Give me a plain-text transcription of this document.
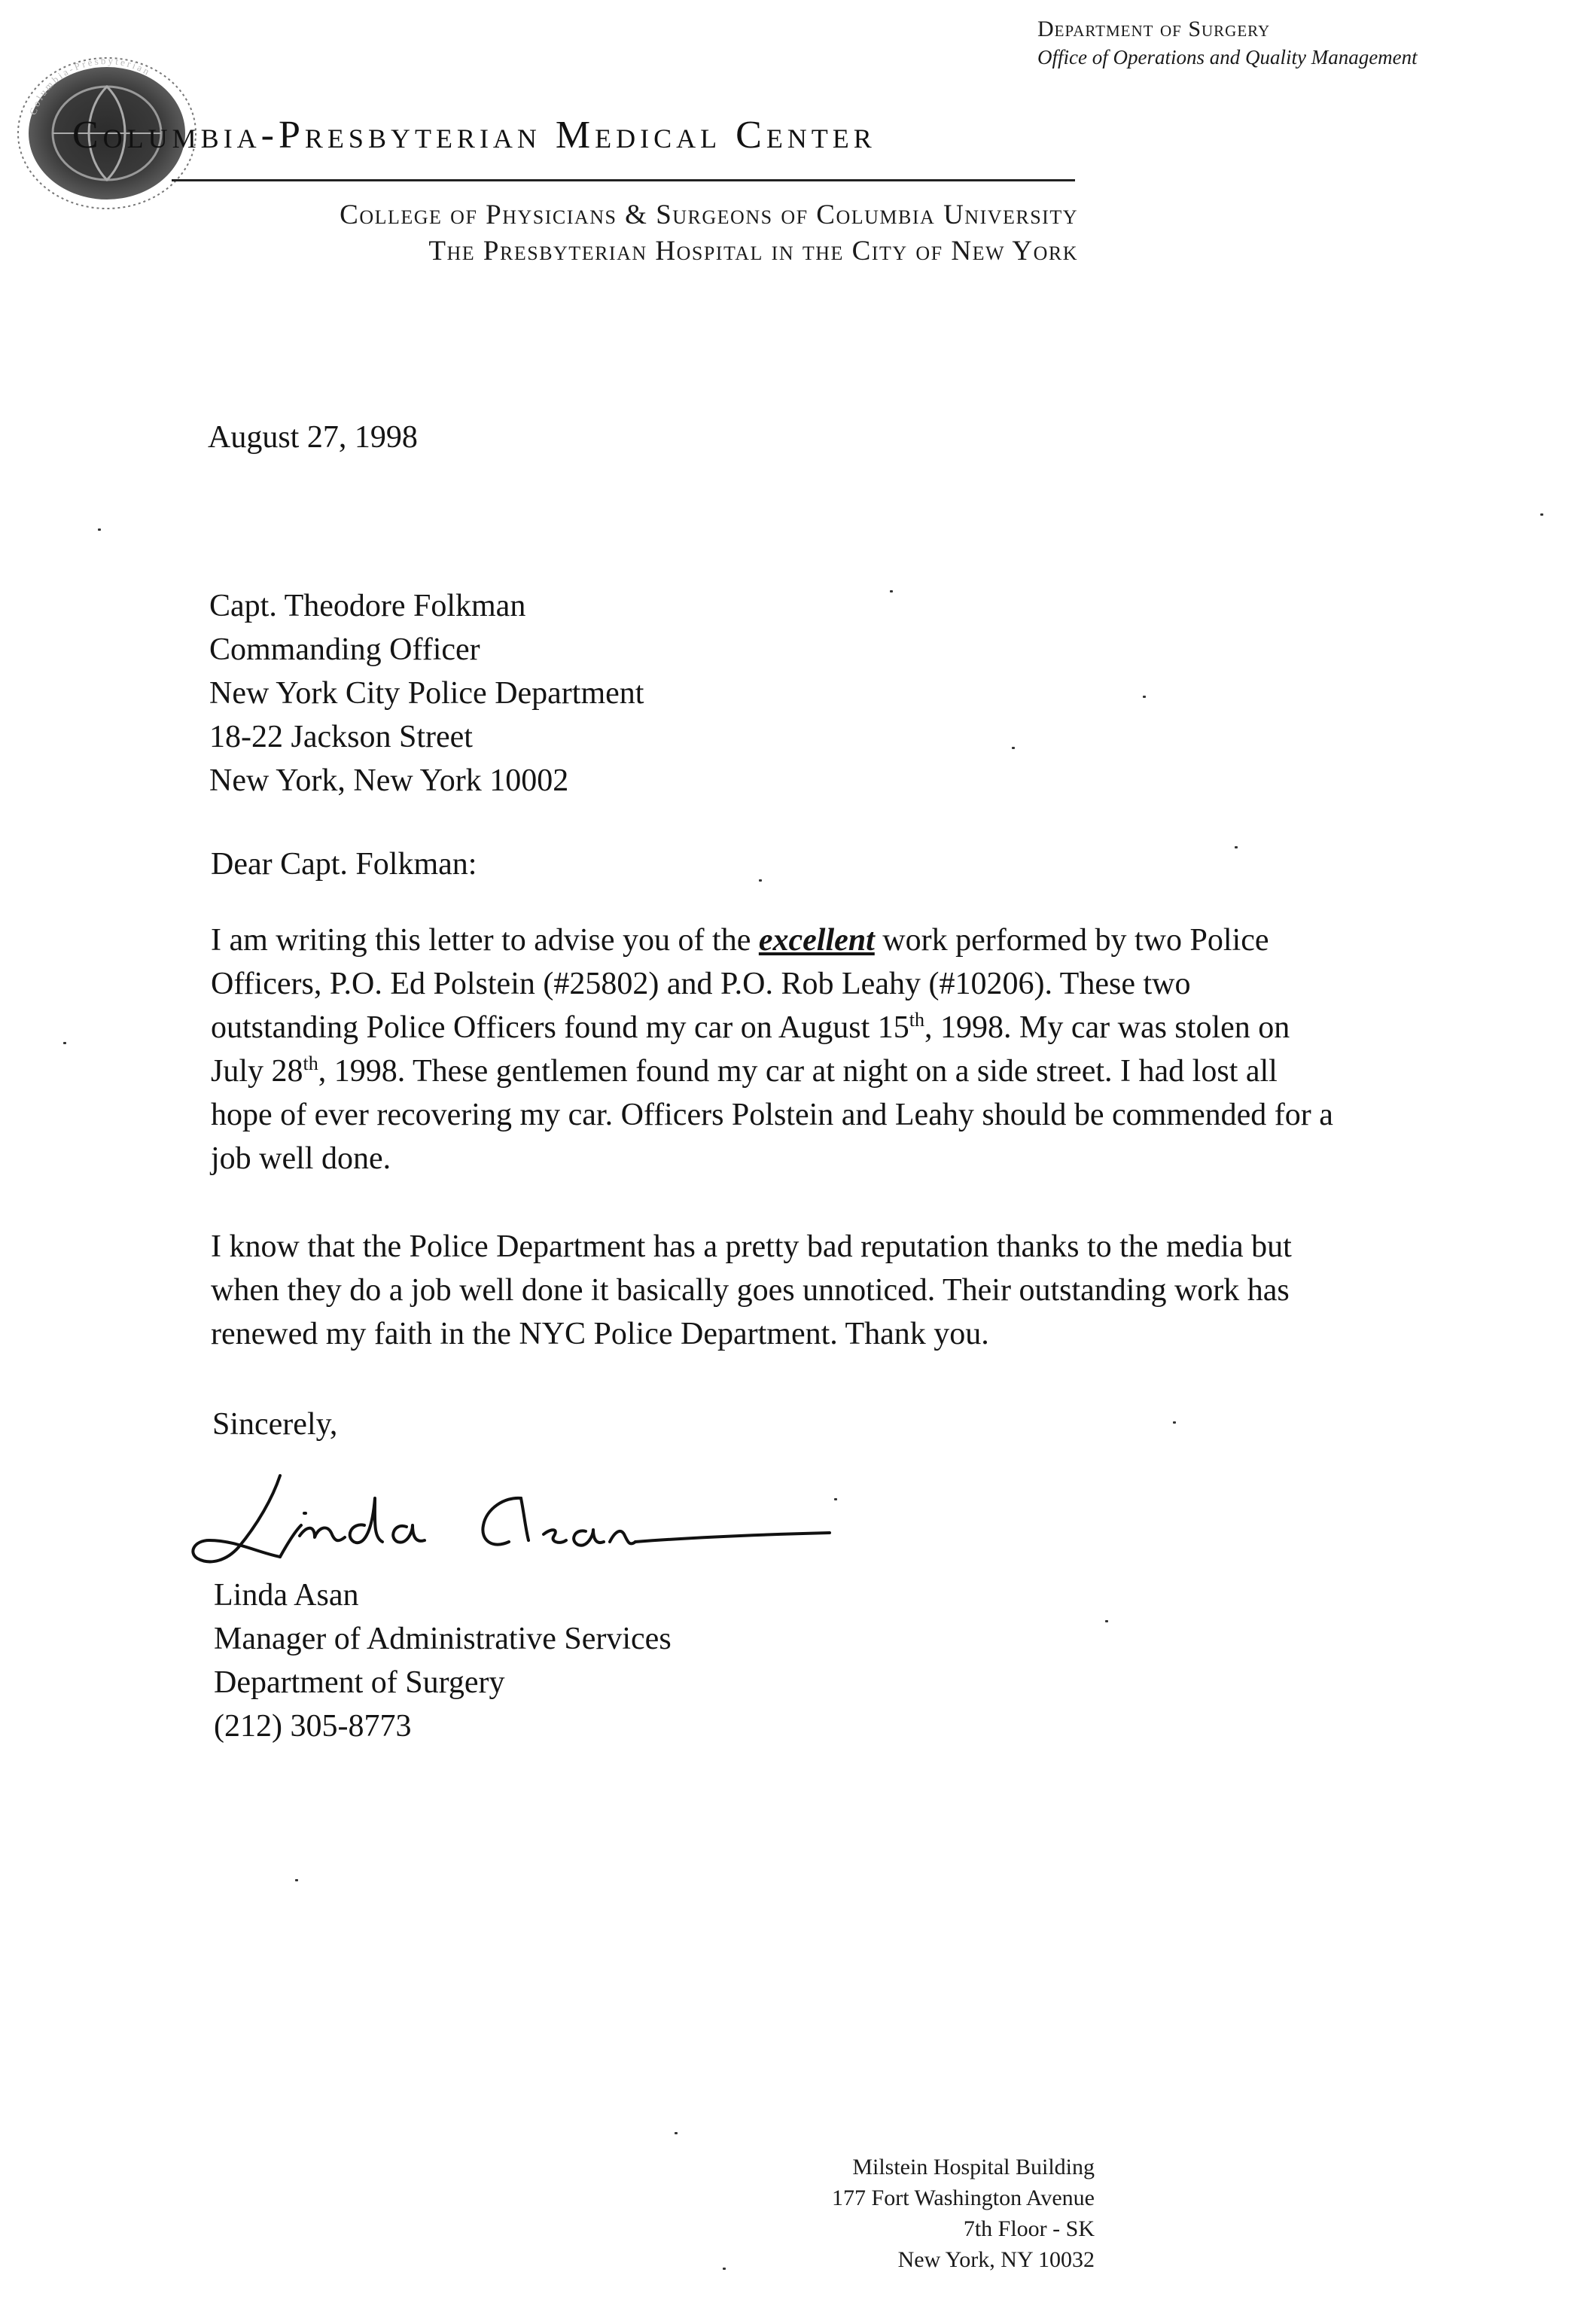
Department of Surgery
Office of Operations and Quality Management
Columbia-Presbyterian
Columbia-Presbyterian Medical Center
College of Physicians & Surgeons of Columbia University
The Presbyterian Hospital in the City of New York
August 27, 1998
Capt. Theodore Folkman
Commanding Officer
New York City Police Department
18-22 Jackson Street
New York, New York 10002
Dear Capt. Folkman:
I am writing this letter to advise you of the excellent work performed by two Police
Officers, P.O. Ed Polstein (#25802) and P.O. Rob Leahy (#10206). These two
outstanding Police Officers found my car on August 15th, 1998. My car was stolen on
July 28th, 1998. These gentlemen found my car at night on a side street. I had lost all
hope of ever recovering my car. Officers Polstein and Leahy should be commended for a
job well done.
I know that the Police Department has a pretty bad reputation thanks to the media but
when they do a job well done it basically goes unnoticed. Their outstanding work has
renewed my faith in the NYC Police Department. Thank you.
Sincerely,
Linda Asan
Manager of Administrative Services
Department of Surgery
(212) 305-8773
Milstein Hospital Building
177 Fort Washington Avenue
7th Floor - SK
New York, NY 10032
